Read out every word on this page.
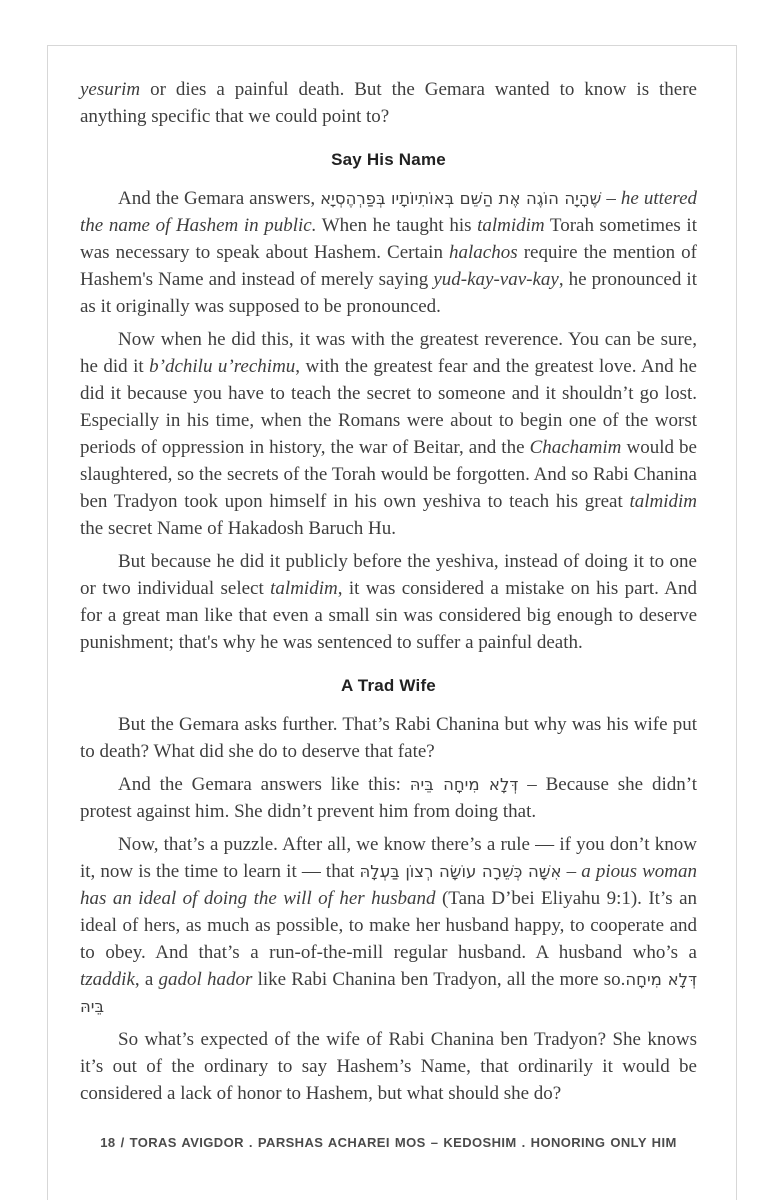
yesurim or dies a painful death. But the Gemara wanted to know is there anything specific that we could point to?

Say His Name

And the Gemara answers, שֶׁהָיָה הוֹגֶה אֶת הַשֵּׁם בְּאוֹתִיוֹתָיו בְּפַרְהֶסְיָא – he uttered the name of Hashem in public. When he taught his talmidim Torah sometimes it was necessary to speak about Hashem. Certain halachos require the mention of Hashem's Name and instead of merely saying yud-kay-vav-kay, he pronounced it as it originally was supposed to be pronounced.

Now when he did this, it was with the greatest reverence. You can be sure, he did it b’dchilu u’rechimu, with the greatest fear and the greatest love. And he did it because you have to teach the secret to someone and it shouldn’t go lost. Especially in his time, when the Romans were about to begin one of the worst periods of oppression in history, the war of Beitar, and the Chachamim would be slaughtered, so the secrets of the Torah would be forgotten. And so Rabi Chanina ben Tradyon took upon himself in his own yeshiva to teach his great talmidim the secret Name of Hakadosh Baruch Hu.

But because he did it publicly before the yeshiva, instead of doing it to one or two individual select talmidim, it was considered a mistake on his part. And for a great man like that even a small sin was considered big enough to deserve punishment; that's why he was sentenced to suffer a painful death.

A Trad Wife

But the Gemara asks further. That’s Rabi Chanina but why was his wife put to death? What did she do to deserve that fate?

And the Gemara answers like this: דְּלָא מִיחָה בֵּיהּ – Because she didn’t protest against him. She didn’t prevent him from doing that.

Now, that’s a puzzle. After all, we know there’s a rule — if you don’t know it, now is the time to learn it — that אִשָּׁה כְּשֵׁרָה עוֹשָׂה רְצוֹן בַּעְלָהּ – a pious woman has an ideal of doing the will of her husband (Tana D’bei Eliyahu 9:1). It’s an ideal of hers, as much as possible, to make her husband happy, to cooperate and to obey. And that’s a run-of-the-mill regular husband. A husband who’s a tzaddik, a gadol hador like Rabi Chanina ben Tradyon, all the more so.דְּלָא מִיחָה בֵּיהּ

So what’s expected of the wife of Rabi Chanina ben Tradyon? She knows it’s out of the ordinary to say Hashem’s Name, that ordinarily it would be considered a lack of honor to Hashem, but what should she do?

18 / TORAS AVIGDOR . PARSHAS ACHAREI MOS – KEDOSHIM . HONORING ONLY HIM
